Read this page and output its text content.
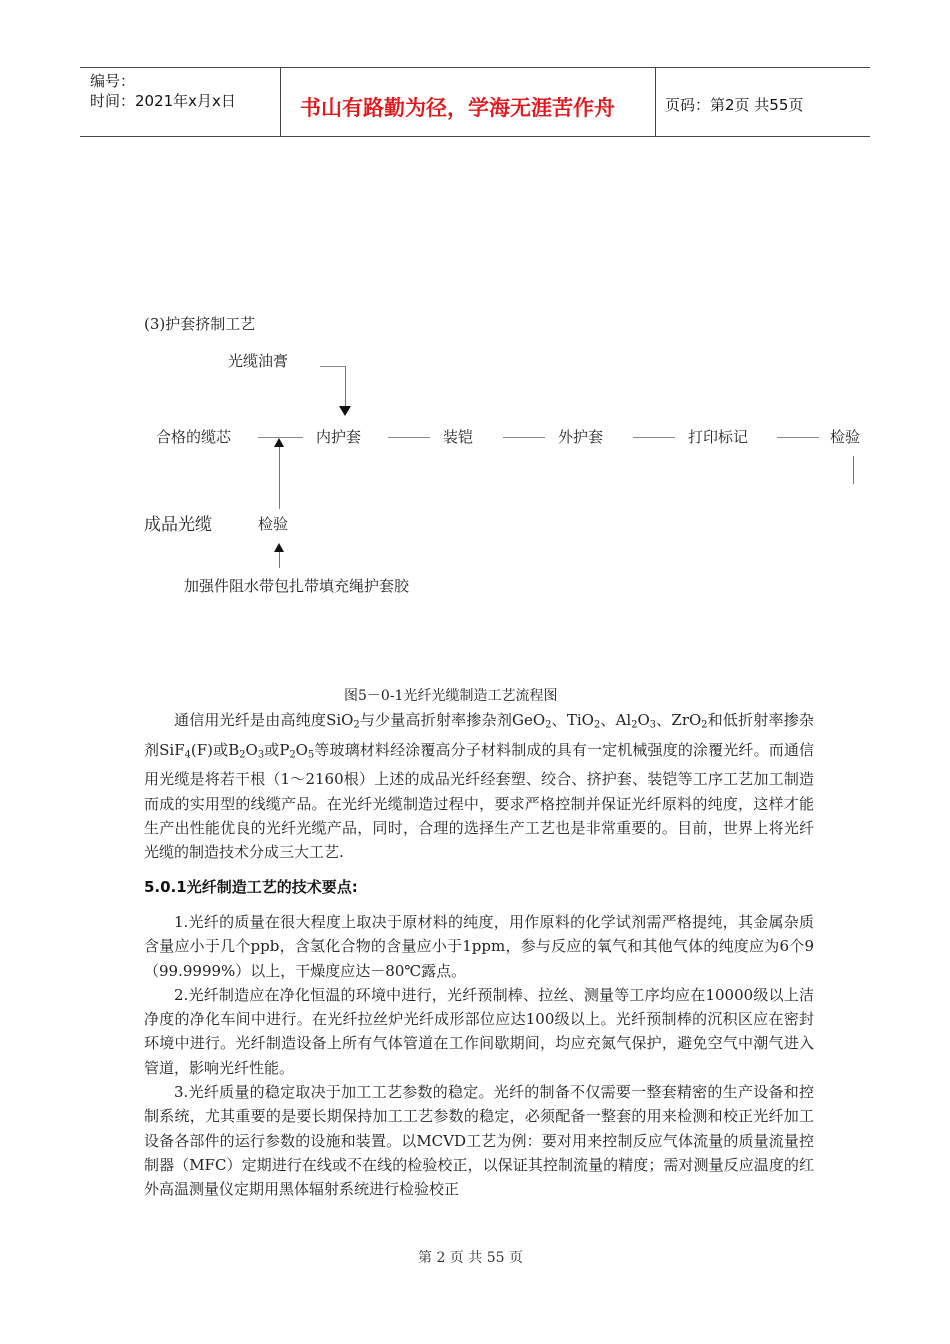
编号：
时间：2021年x月x日	书山有路勤为径，学海无涯苦作舟	页码：第2页 共55页
(3)护套挤制工艺
光缆油膏
合格的缆芯	内护套	装铠	外护套	打印标记	检验
成品光缆	检验
加强件阻水带包扎带填充绳护套胶
图5－0-1光纤光缆制造工艺流程图

通信用光纤是由高纯度SiO$_2$与少量高折射率掺杂剂GeO$_2$、TiO$_2$、$Al_2O_3$、ZrO$_2$和低折射率掺杂剂SiF$_4$(F)或$B_2O_3$或$P_2O_5$等玻璃材料经涂覆高分子材料制成的具有一定机械强度的涂覆光纤。而通信用光缆是将若干根（1～2160根）上述的成品光纤经套塑、绞合、挤护套、装铠等工序工艺加工制造而成的实用型的线缆产品。在光纤光缆制造过程中，要求严格控制并保证光纤原料的纯度，这样才能生产出性能优良的光纤光缆产品，同时，合理的选择生产工艺也是非常重要的。目前，世界上将光纤光缆的制造技术分成三大工艺.

5.0.1光纤制造工艺的技术要点:

1.光纤的质量在很大程度上取决于原材料的纯度，用作原料的化学试剂需严格提纯，其金属杂质含量应小于几个ppb，含氢化合物的含量应小于1ppm，参与反应的氧气和其他气体的纯度应为6个9（99.9999%）以上，干燥度应达－80℃露点。

2.光纤制造应在净化恒温的环境中进行，光纤预制棒、拉丝、测量等工序均应在10000级以上洁净度的净化车间中进行。在光纤拉丝炉光纤成形部位应达100级以上。光纤预制棒的沉积区应在密封环境中进行。光纤制造设备上所有气体管道在工作间歇期间，均应充氮气保护，避免空气中潮气进入管道，影响光纤性能。

3.光纤质量的稳定取决于加工工艺参数的稳定。光纤的制备不仅需要一整套精密的生产设备和控制系统，尤其重要的是要长期保持加工工艺参数的稳定，必须配备一整套的用来检测和校正光纤加工设备各部件的运行参数的设施和装置。以MCVD工艺为例：要对用来控制反应气体流量的质量流量控制器（MFC）定期进行在线或不在线的检验校正，以保证其控制流量的精度；需对测量反应温度的红外高温测量仪定期用黑体辐射系统进行检验校正

第 2 页 共 55 页
